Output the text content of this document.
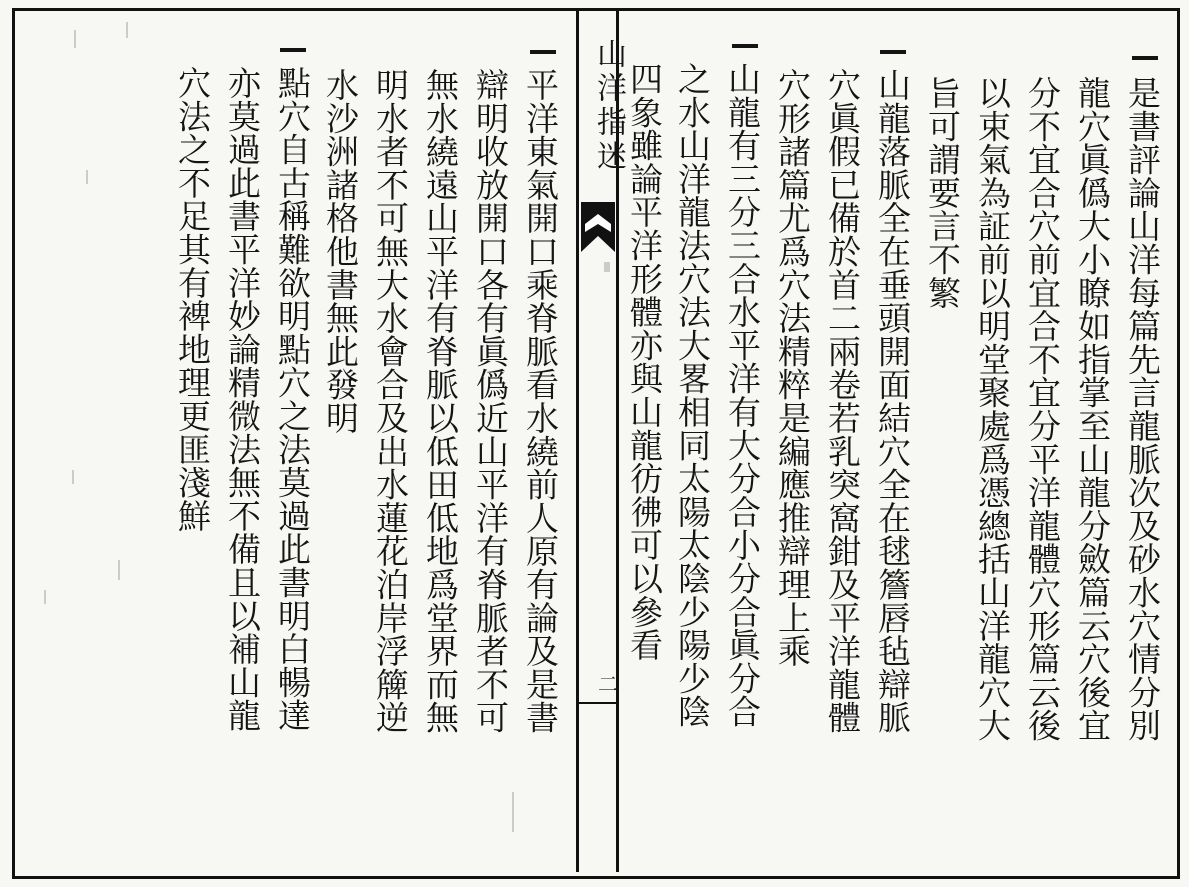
山洋指迷
二	是書評論山洋每篇先言龍脈次及砂水穴情分別
龍穴眞僞大小瞭如指掌至山龍分斂篇云穴後宜
分不宜合穴前宜合不宜分平洋龍體穴形篇云後
以束氣為証前以明堂聚處爲憑總括山洋龍穴大
旨可謂要言不繁
山龍落脈全在垂頭開面結穴全在毬簷唇毡辯脈
穴眞假已備於首二兩卷若乳突窩鉗及平洋龍體
穴形諸篇尤爲穴法精粹是編應推辯理上乘
山龍有三分三合水平洋有大分合小分合眞分合
之水山洋龍法穴法大畧相同太陽太陰少陽少陰
四象雖論平洋形體亦與山龍彷彿可以參看
平洋東氣開口乘脊脈看水繞前人原有論及是書
辯明收放開口各有眞僞近山平洋有脊脈者不可
無水繞遠山平洋有脊脈以低田低地爲堂界而無
明水者不可無大水會合及出水蓮花泊岸浮簰逆
水沙洲諸格他書無此發明
點穴自古稱難欲明點穴之法莫過此書明白暢達
亦莫過此書平洋妙論精微法無不備且以補山龍
穴法之不足其有裨地理更匪淺鮮
